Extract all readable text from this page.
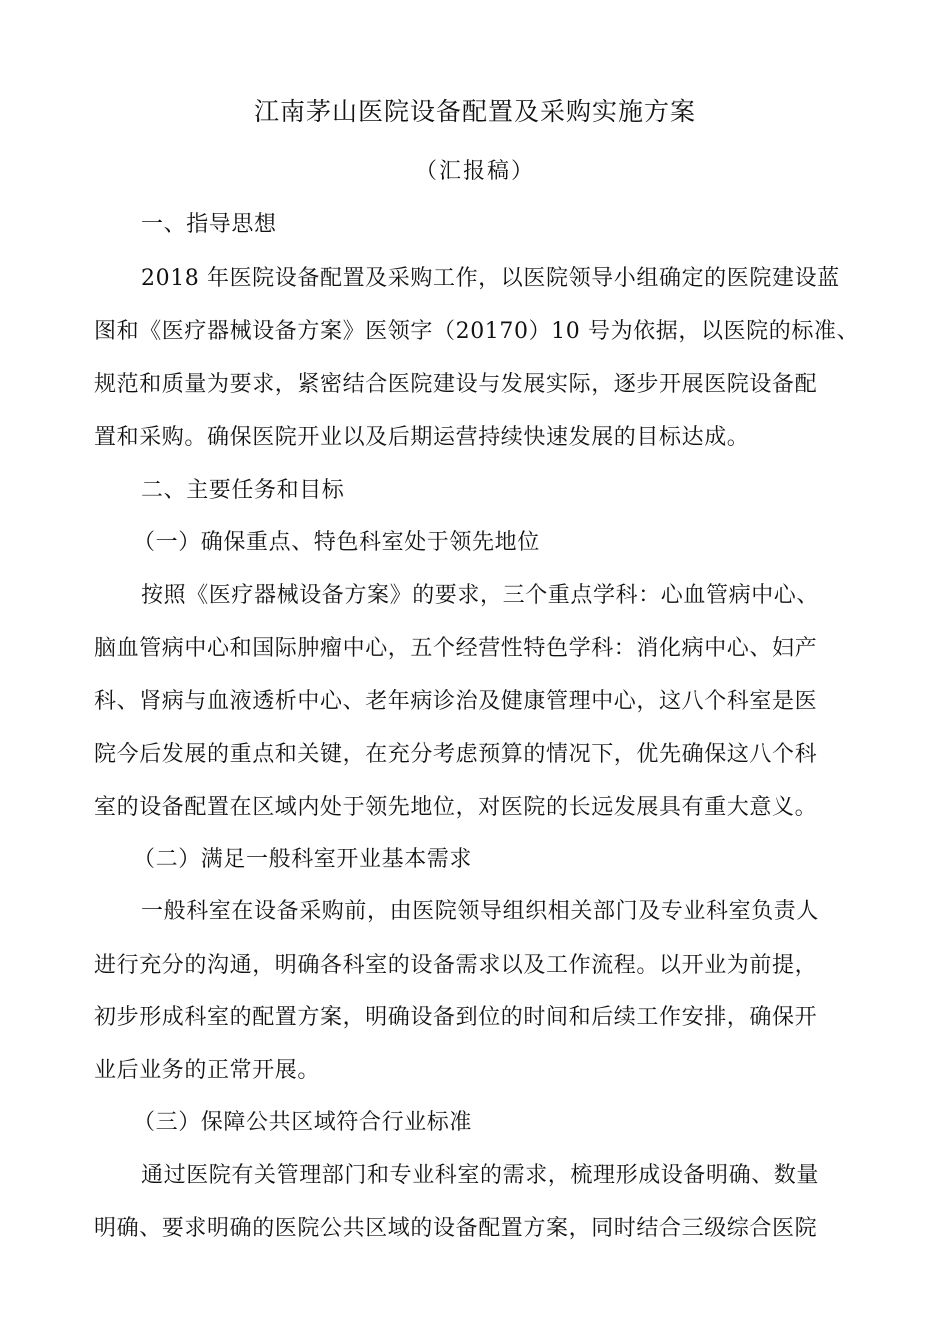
江南茅山医院设备配置及采购实施方案
（汇报稿）
一、指导思想
2018 年医院设备配置及采购工作，以医院领导小组确定的医院建设蓝
图和《医疗器械设备方案》医领字（20170）10 号为依据，以医院的标准、
规范和质量为要求，紧密结合医院建设与发展实际，逐步开展医院设备配
置和采购。确保医院开业以及后期运营持续快速发展的目标达成。
二、主要任务和目标
（一）确保重点、特色科室处于领先地位
按照《医疗器械设备方案》的要求，三个重点学科：心血管病中心、
脑血管病中心和国际肿瘤中心，五个经营性特色学科：消化病中心、妇产
科、肾病与血液透析中心、老年病诊治及健康管理中心，这八个科室是医
院今后发展的重点和关键，在充分考虑预算的情况下，优先确保这八个科
室的设备配置在区域内处于领先地位，对医院的长远发展具有重大意义。
（二）满足一般科室开业基本需求
一般科室在设备采购前，由医院领导组织相关部门及专业科室负责人
进行充分的沟通，明确各科室的设备需求以及工作流程。以开业为前提，
初步形成科室的配置方案，明确设备到位的时间和后续工作安排，确保开
业后业务的正常开展。
（三）保障公共区域符合行业标准
通过医院有关管理部门和专业科室的需求，梳理形成设备明确、数量
明确、要求明确的医院公共区域的设备配置方案，同时结合三级综合医院
